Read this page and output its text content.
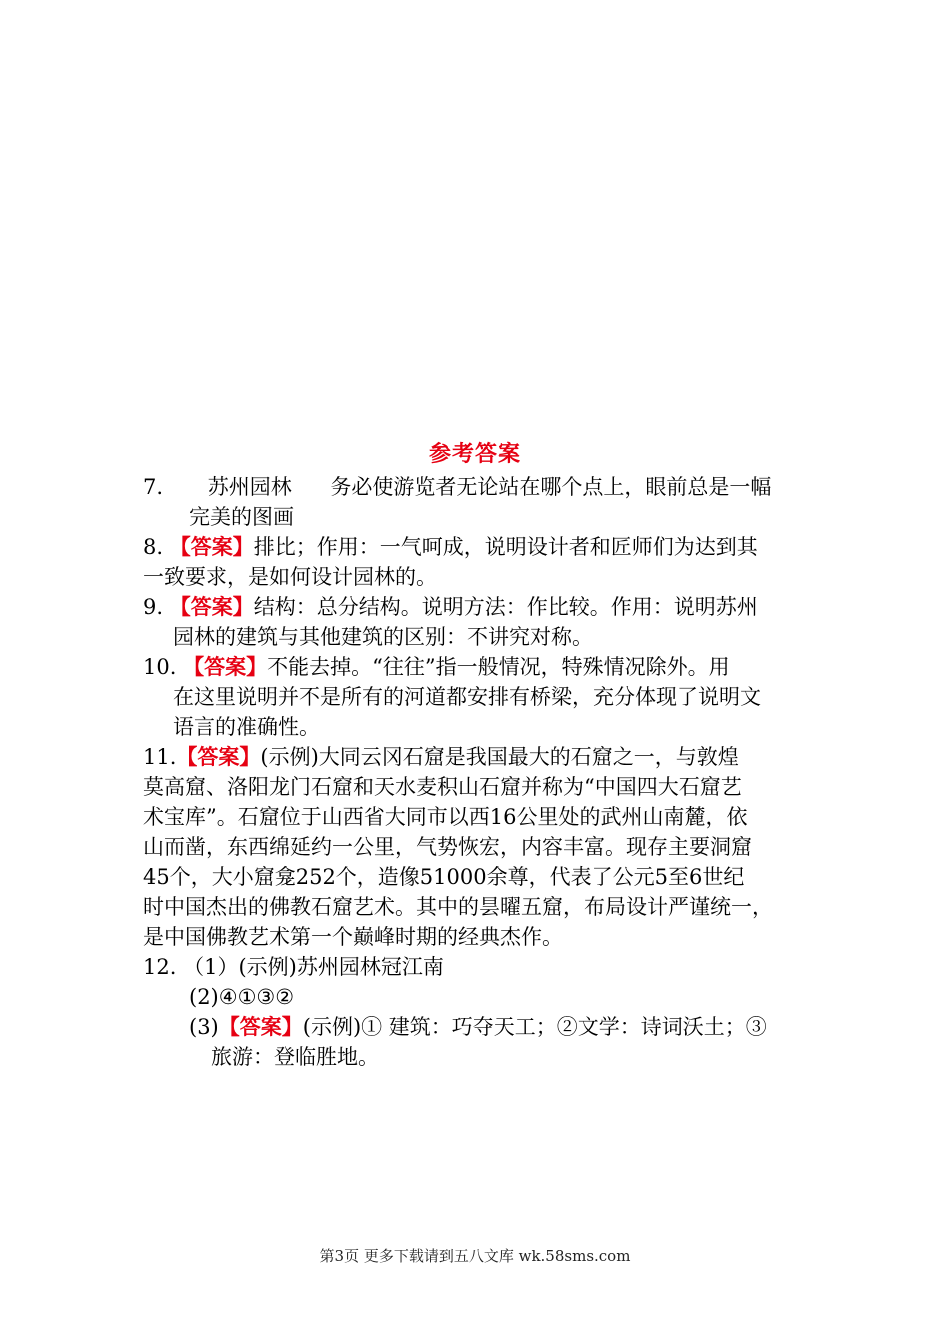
参考答案
7. 苏州园林 务必使游览者无论站在哪个点上，眼前总是一幅
完美的图画
8. 【答案】排比；作用：一气呵成，说明设计者和匠师们为达到其
一致要求，是如何设计园林的。
9. 【答案】结构：总分结构。说明方法：作比较。作用：说明苏州
园林的建筑与其他建筑的区别：不讲究对称。
10. 【答案】不能去掉。“往往”指一般情况，特殊情况除外。用
在这里说明并不是所有的河道都安排有桥梁，充分体现了说明文
语言的准确性。
11.【答案】(示例)大同云冈石窟是我国最大的石窟之一，与敦煌
莫高窟、洛阳龙门石窟和天水麦积山石窟并称为“中国四大石窟艺
术宝库”。石窟位于山西省大同市以西16公里处的武州山南麓，依
山而凿，东西绵延约一公里，气势恢宏，内容丰富。现存主要洞窟
45个，大小窟龛252个，造像51000余尊，代表了公元5至6世纪
时中国杰出的佛教石窟艺术。其中的昙曜五窟，布局设计严谨统一，
是中国佛教艺术第一个巅峰时期的经典杰作。
12. （1）(示例)苏州园林冠江南
(2)④①③②
(3)【答案】(示例)① 建筑：巧夺天工；②文学：诗词沃土；③
旅游：登临胜地。
第3页 更多下载请到五八文库 wk.58sms.com
